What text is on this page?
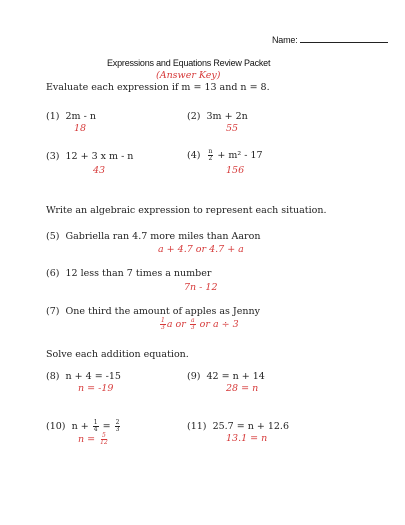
Name:
Expressions and Equations Review Packet
(Answer Key)
Evaluate each expression if m = 13 and n = 8.
(1) 2m - n
18
(2) 3m + 2n
55
(3) 12 + 3 x m - n
43
$(4) \frac{n}{2} + m^2 - 17$
156
Write an algebraic expression to represent each situation.
(5) Gabriella ran 4.7 more miles than Aaron
a + 4.7 or 4.7 + a
(6) 12 less than 7 times a number
7n - 12
(7) One third the amount of apples as Jenny
$\frac{1}{3}$ a or $\frac{a}{3}$ or a ÷ 3
Solve each addition equation.
(8) n + 4 = -15
n = -19
(9) 42 = n + 14
28 = n
(10) $n + \frac{1}{4} = \frac{2}{3}$
$n = \frac{5}{12}$
(11) 25.7 = n + 12.6
13.1 = n
